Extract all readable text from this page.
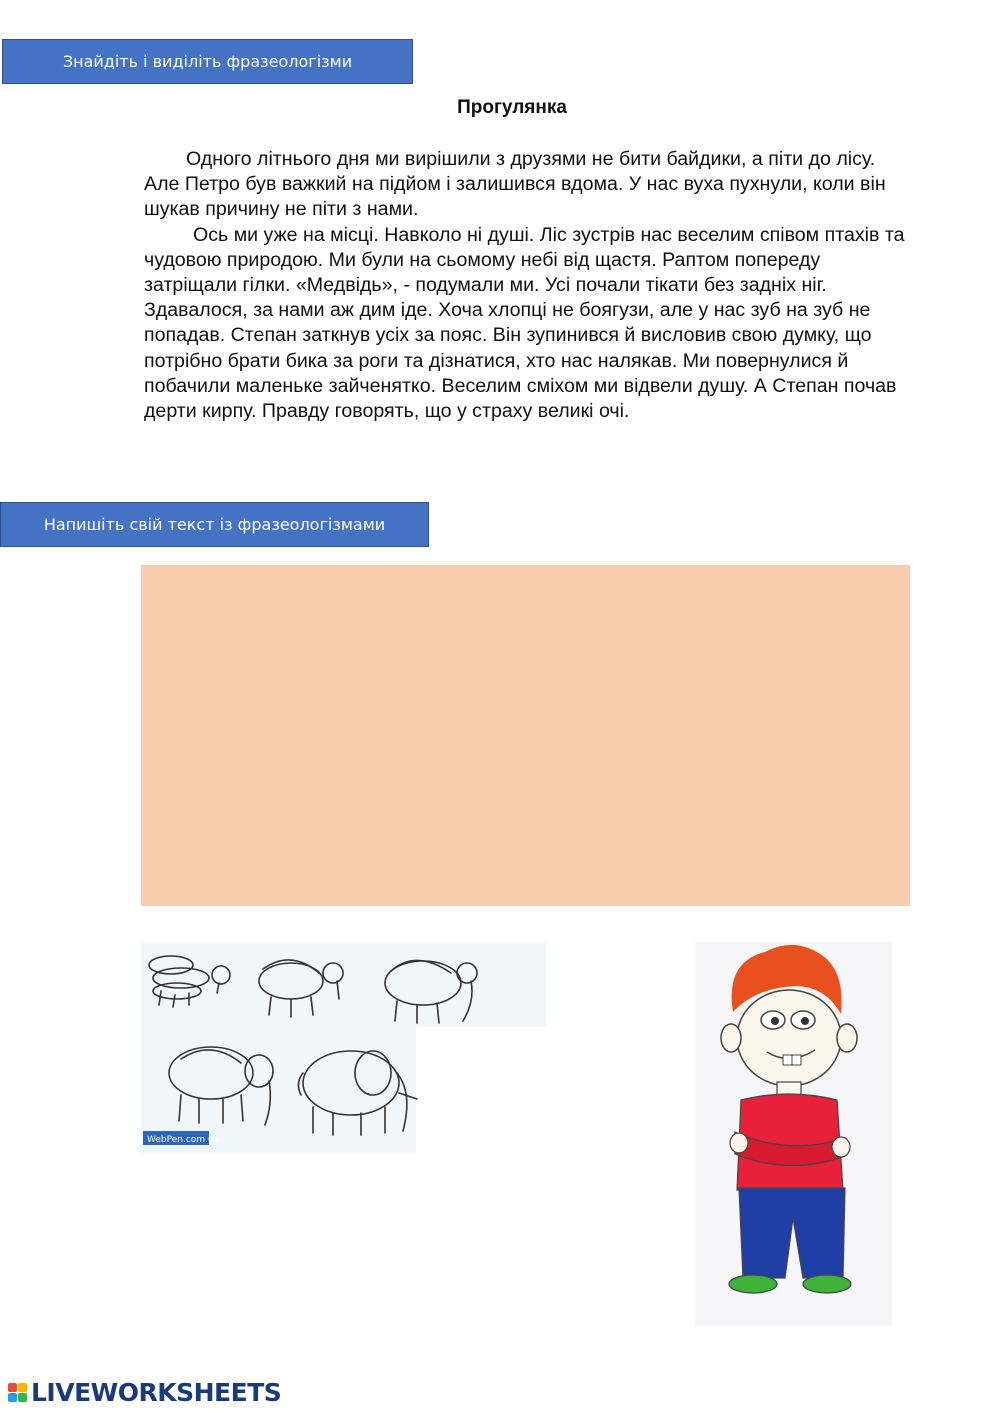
Знайдіть і виділіть фразеологізми
Прогулянка

Одного літнього дня ми вирішили з друзями не бити байдики, а піти до лісу. Але Петро був важкий на підйом і залишився вдома. У нас вуха пухнули, коли він шукав причину не піти з нами.

Ось ми уже на місці. Навколо ні душі. Ліс зустрів нас веселим співом птахів та чудовою природою. Ми були на сьомому небі від щастя. Раптом попереду затріщали гілки. «Медвідь», - подумали ми. Усі почали тікати без задніх ніг. Здавалося, за нами аж дим іде. Хоча хлопці не боягузи, але у нас зуб на зуб не попадав. Степан заткнув усіх за пояс. Він зупинився й висловив свою думку, що потрібно брати бика за роги та дізнатися, хто нас налякав. Ми повернулися й побачили маленьке зайченятко. Веселим сміхом ми відвели душу. А Степан почав дерти кирпу. Правду говорять, що у страху великі очі.

Напишіть свій текст із фразеологізмами
WebPen.com.ua
LIVEWORKSHEETS
